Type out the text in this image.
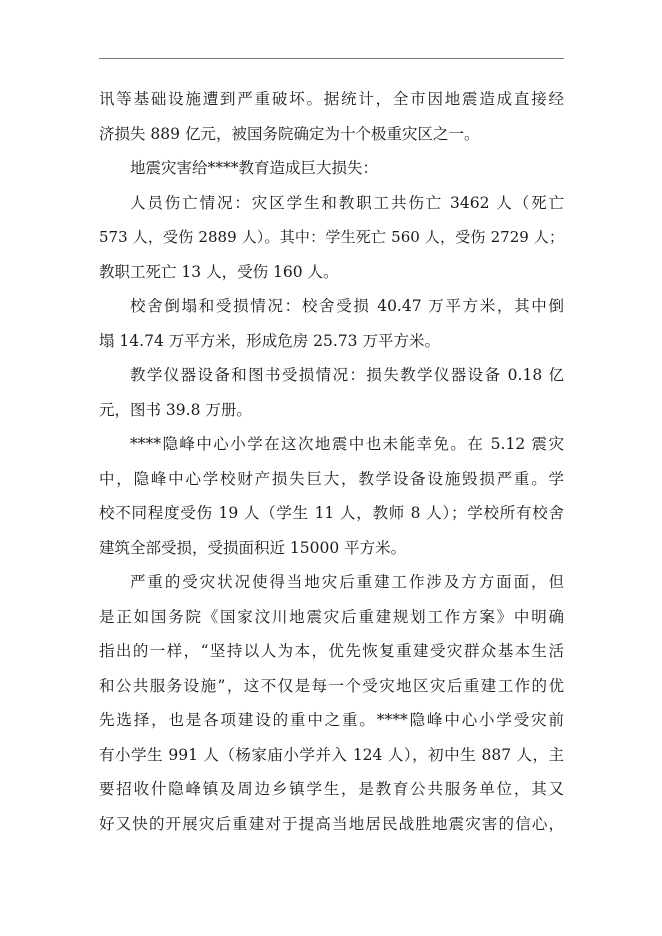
讯等基础设施遭到严重破坏。据统计，全市因地震造成直接经
济损失 889 亿元，被国务院确定为十个极重灾区之一。
地震灾害给****教育造成巨大损失：
人员伤亡情况：灾区学生和教职工共伤亡 3462 人（死亡
573 人，受伤 2889 人）。其中：学生死亡 560 人，受伤 2729 人；
教职工死亡 13 人，受伤 160 人。
校舍倒塌和受损情况：校舍受损 40.47 万平方米，其中倒
塌 14.74 万平方米，形成危房 25.73 万平方米。
教学仪器设备和图书受损情况：损失教学仪器设备 0.18 亿
元，图书 39.8 万册。
****隐峰中心小学在这次地震中也未能幸免。在 5.12 震灾
中，隐峰中心学校财产损失巨大，教学设备设施毁损严重。学
校不同程度受伤 19 人（学生 11 人，教师 8 人）；学校所有校舍
建筑全部受损，受损面积近 15000 平方米。
严重的受灾状况使得当地灾后重建工作涉及方方面面，但
是正如国务院《国家汶川地震灾后重建规划工作方案》中明确
指出的一样，“坚持以人为本，优先恢复重建受灾群众基本生活
和公共服务设施”，这不仅是每一个受灾地区灾后重建工作的优
先选择，也是各项建设的重中之重。****隐峰中心小学受灾前
有小学生 991 人（杨家庙小学并入 124 人），初中生 887 人，主
要招收什隐峰镇及周边乡镇学生，是教育公共服务单位，其又
好又快的开展灾后重建对于提高当地居民战胜地震灾害的信心，
